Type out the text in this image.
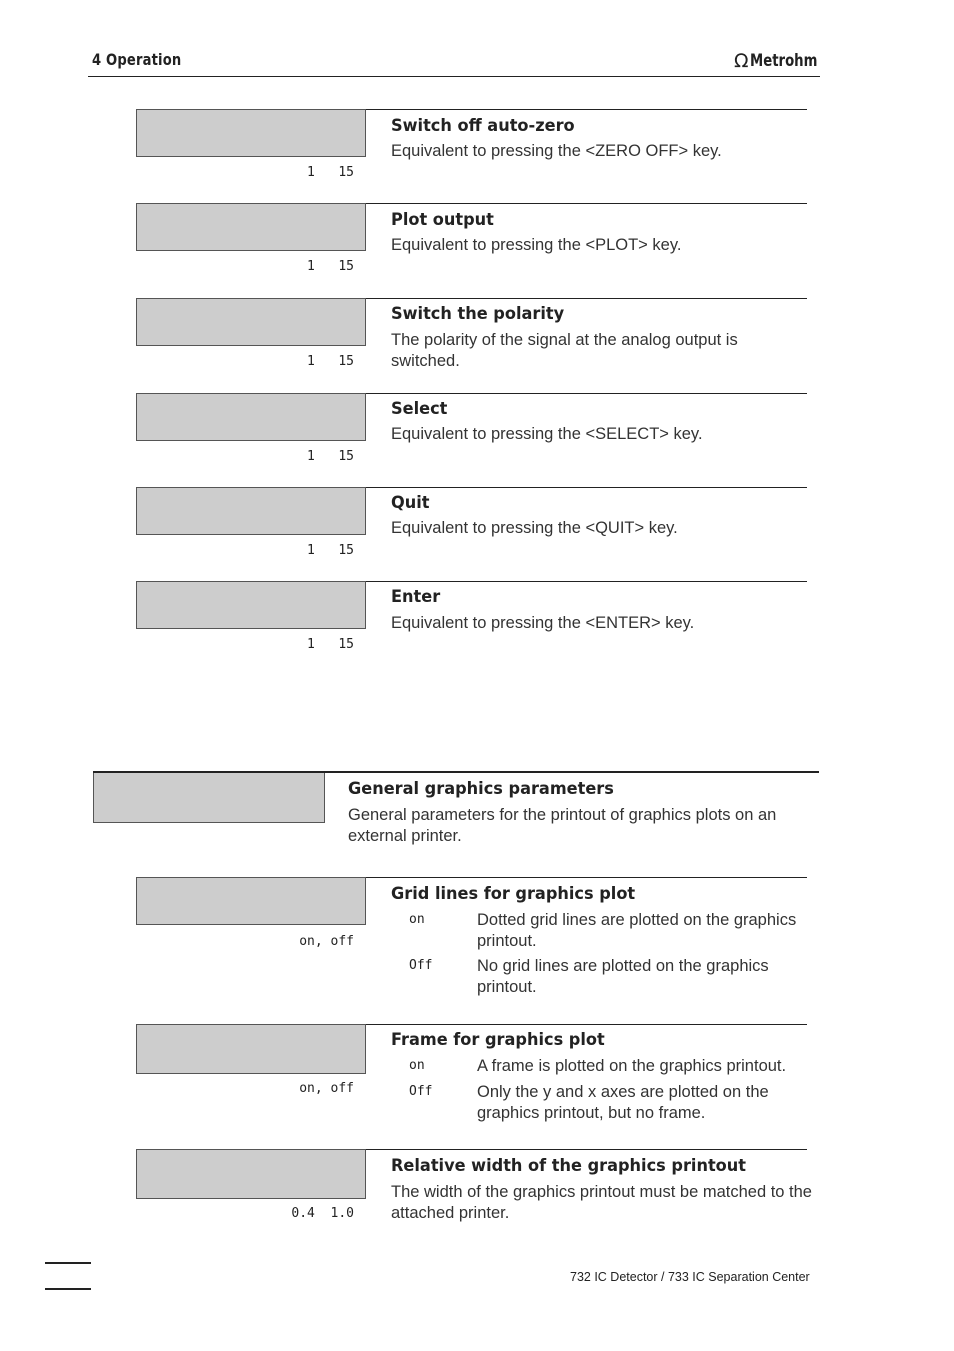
4 Operation	Ω Metrohm
Switch off auto-zero
Equivalent to pressing the <ZERO OFF> key.
1   15
Plot output
Equivalent to pressing the <PLOT> key.
1   15
Switch the polarity
The polarity of the signal at the analog output is switched.
1   15
Select
Equivalent to pressing the <SELECT> key.
1   15
Quit
Equivalent to pressing the <QUIT> key.
1   15
Enter
Equivalent to pressing the <ENTER> key.
1   15
General graphics parameters
General parameters for the printout of graphics plots on an external printer.
Grid lines for graphics plot
on, off
on	Dotted grid lines are plotted on the graphics printout.
Off	No grid lines are plotted on the graphics printout.
Frame for graphics plot
on, off
on	A frame is plotted on the graphics printout.
Off	Only the y and x axes are plotted on the graphics printout, but no frame.
Relative width of the graphics printout
The width of the graphics printout must be matched to the attached printer.
0.4  1.0
732 IC Detector / 733 IC Separation Center
